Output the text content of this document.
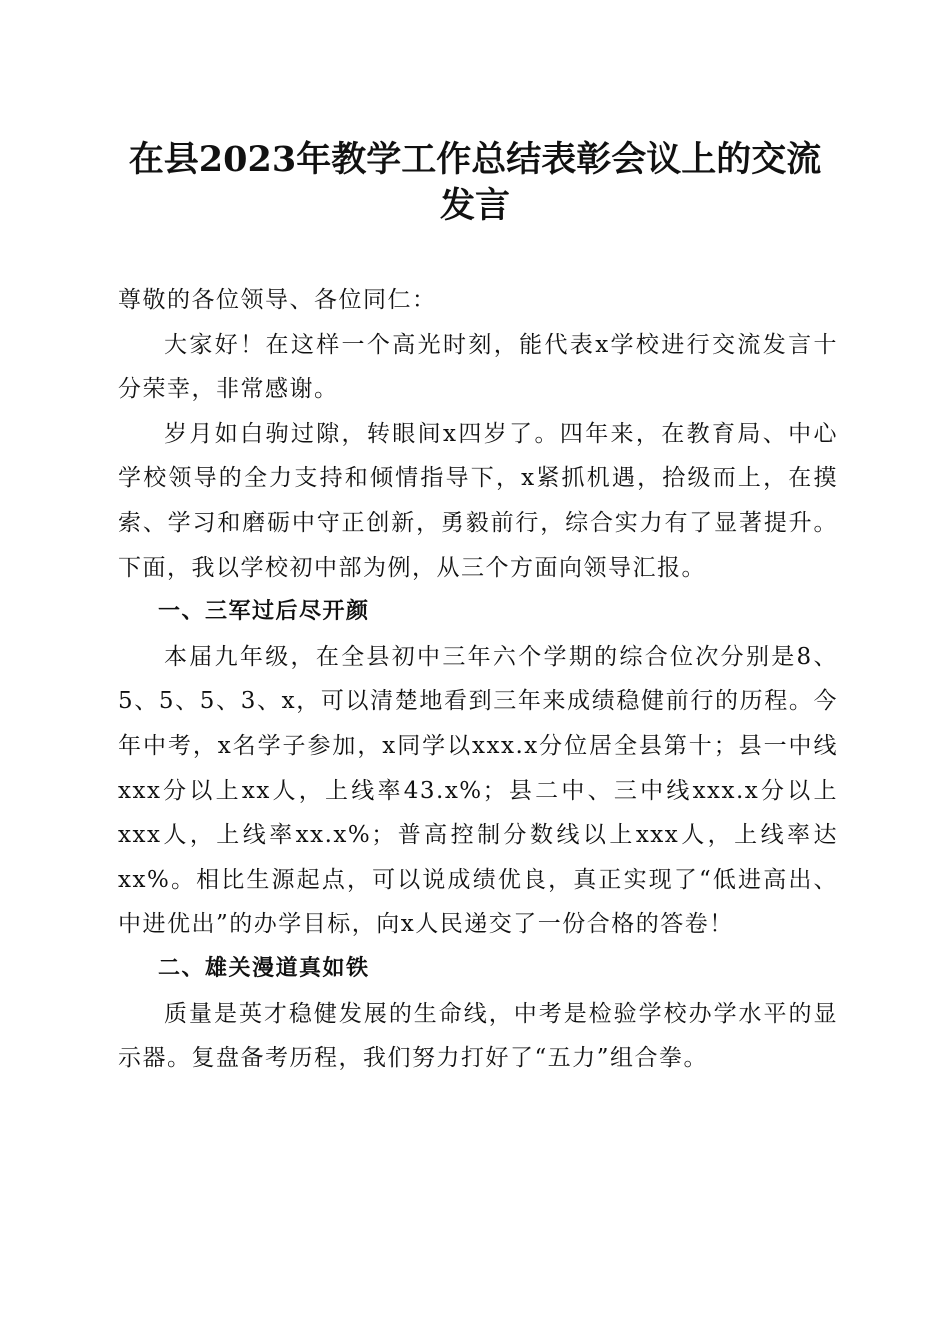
在县2023年教学工作总结表彰会议上的交流
发言

尊敬的各位领导、各位同仁：

大家好！在这样一个高光时刻，能代表x学校进行交流发言十分荣幸，非常感谢。

岁月如白驹过隙，转眼间x四岁了。四年来，在教育局、中心学校领导的全力支持和倾情指导下，x紧抓机遇，拾级而上，在摸索、学习和磨砺中守正创新，勇毅前行，综合实力有了显著提升。下面，我以学校初中部为例，从三个方面向领导汇报。

一、三军过后尽开颜

本届九年级，在全县初中三年六个学期的综合位次分别是8、5、5、5、3、x，可以清楚地看到三年来成绩稳健前行的历程。今年中考，x名学子参加，x同学以xxx.x分位居全县第十；县一中线xxx分以上xx人，上线率43.x%；县二中、三中线xxx.x分以上xxx人，上线率xx.x%；普高控制分数线以上xxx人，上线率达xx%。相比生源起点，可以说成绩优良，真正实现了“低进高出、中进优出”的办学目标，向x人民递交了一份合格的答卷！

二、雄关漫道真如铁

质量是英才稳健发展的生命线，中考是检验学校办学水平的显示器。复盘备考历程，我们努力打好了“五力”组合拳。
